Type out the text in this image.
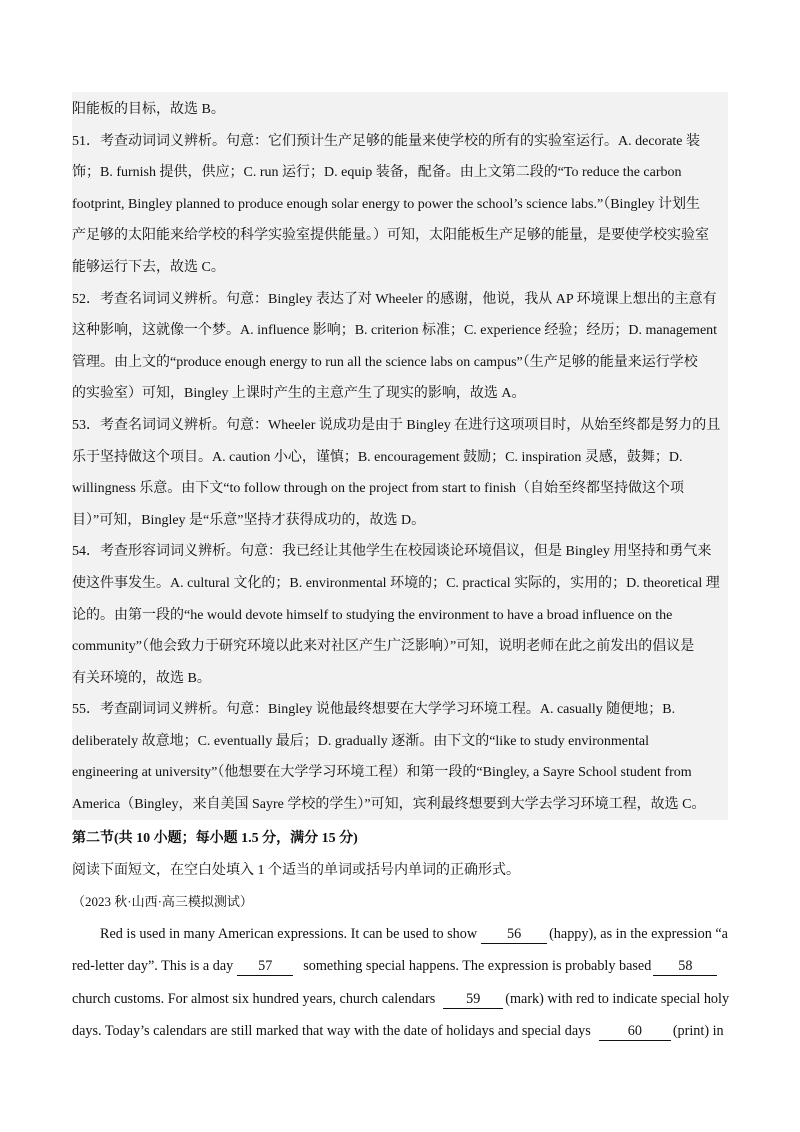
阳能板的目标，故选 B。
51．考查动词词义辨析。句意：它们预计生产足够的能量来使学校的所有的实验室运行。A. decorate 装
饰；B. furnish 提供，供应；C. run 运行；D. equip 装备，配备。由上文第二段的“To reduce the carbon
footprint, Bingley planned to produce enough solar energy to power the school’s science labs.”（Bingley 计划生
产足够的太阳能来给学校的科学实验室提供能量。）可知，太阳能板生产足够的能量，是要使学校实验室
能够运行下去，故选 C。
52．考查名词词义辨析。句意：Bingley 表达了对 Wheeler 的感谢，他说，我从 AP 环境课上想出的主意有
这种影响，这就像一个梦。A. influence 影响；B. criterion 标准；C. experience 经验；经历；D. management
管理。由上文的“produce enough energy to run all the science labs on campus”（生产足够的能量来运行学校
的实验室）可知，Bingley 上课时产生的主意产生了现实的影响，故选 A。
53．考查名词词义辨析。句意：Wheeler 说成功是由于 Bingley 在进行这项项目时，从始至终都是努力的且
乐于坚持做这个项目。A. caution 小心，谨慎；B. encouragement 鼓励；C. inspiration 灵感，鼓舞；D.
willingness 乐意。由下文“to follow through on the project from start to finish（自始至终都坚持做这个项
目）”可知，Bingley 是“乐意”坚持才获得成功的，故选 D。
54．考查形容词词义辨析。句意：我已经让其他学生在校园谈论环境倡议，但是 Bingley 用坚持和勇气来
使这件事发生。A. cultural 文化的；B. environmental 环境的；C. practical 实际的，实用的；D. theoretical 理
论的。由第一段的“he would devote himself to studying the environment to have a broad influence on the
community”（他会致力于研究环境以此来对社区产生广泛影响）”可知，说明老师在此之前发出的倡议是
有关环境的，故选 B。
55．考查副词词义辨析。句意：Bingley 说他最终想要在大学学习环境工程。A. casually 随便地；B.
deliberately 故意地；C. eventually 最后；D. gradually 逐渐。由下文的“like to study environmental
engineering at university”（他想要在大学学习环境工程）和第一段的“Bingley, a Sayre School student from
America（Bingley，来自美国 Sayre 学校的学生）”可知，宾利最终想要到大学去学习环境工程，故选 C。
第二节(共 10 小题；每小题 1.5 分，满分 15 分)
阅读下面短文，在空白处填入 1 个适当的单词或括号内单词的正确形式。
（2023 秋·山西·高三模拟测试）
Red is used in many American expressions. It can be used to show 56 (happy), as in the expression “a
red-letter day”. This is a day 57 something special happens. The expression is probably based 58
church customs. For almost six hundred years, church calendars 59 (mark) with red to indicate special holy
days. Today’s calendars are still marked that way with the date of holidays and special days	60 (print) in
